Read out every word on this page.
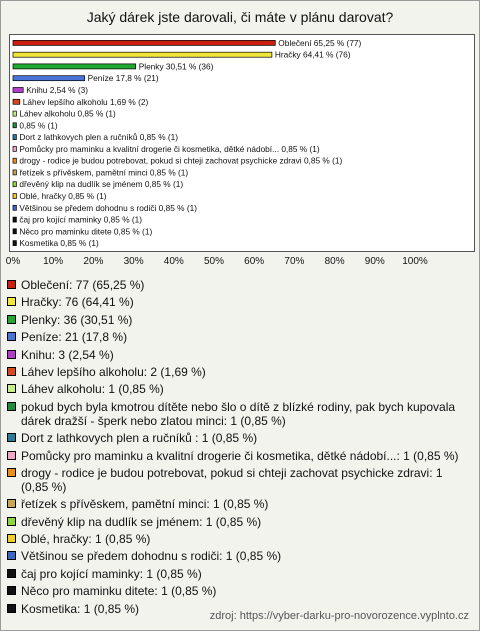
Jaký dárek jste darovali, či máte v plánu darovat?
Oblečení 65,25 % (77)
Hračky 64,41 % (76)
Plenky 30,51 % (36)
Peníze 17,8 % (21)
Knihu 2,54 % (3)
Láhev lepšího alkoholu 1,69 % (2)
Láhev alkoholu 0,85 % (1)
0,85 % (1)
Dort z lathkovych plen a ručníků 0,85 % (1)
Pomůcky pro maminku a kvalitní drogerie či kosmetika, dětké nádobí... 0,85 % (1)
drogy - rodice je budou potrebovat, pokud si chteji zachovat psychicke zdravi 0,85 % (1)
řetízek s přívěskem, pamětní minci 0,85 % (1)
dřevěný klip na dudlík se jménem 0,85 % (1)
Oblé, hračky 0,85 % (1)
Většinou se předem dohodnu s rodiči 0,85 % (1)
čaj pro kojící maminky 0,85 % (1)
Něco pro maminku ditete 0,85 % (1)
Kosmetika 0,85 % (1)
0% 10% 20% 30% 40% 50% 60% 70% 80% 90% 100%
Oblečení: 77 (65,25 %)
Hračky: 76 (64,41 %)
Plenky: 36 (30,51 %)
Peníze: 21 (17,8 %)
Knihu: 3 (2,54 %)
Láhev lepšího alkoholu: 2 (1,69 %)
Láhev alkoholu: 1 (0,85 %)
pokud bych byla kmotrou dítěte nebo šlo o dítě z blízké rodiny, pak bych kupovala dárek dražší - šperk nebo zlatou minci: 1 (0,85 %)
Dort z lathkovych plen a ručníků : 1 (0,85 %)
Pomůcky pro maminku a kvalitní drogerie či kosmetika, dětké nádobí...: 1 (0,85 %)
drogy - rodice je budou potrebovat, pokud si chteji zachovat psychicke zdravi: 1 (0,85 %)
řetízek s přívěskem, pamětní minci: 1 (0,85 %)
dřevěný klip na dudlík se jménem: 1 (0,85 %)
Oblé, hračky: 1 (0,85 %)
Většinou se předem dohodnu s rodiči: 1 (0,85 %)
čaj pro kojící maminky: 1 (0,85 %)
Něco pro maminku ditete: 1 (0,85 %)
Kosmetika: 1 (0,85 %)
zdroj: https://vyber-darku-pro-novorozence.vyplnto.cz
